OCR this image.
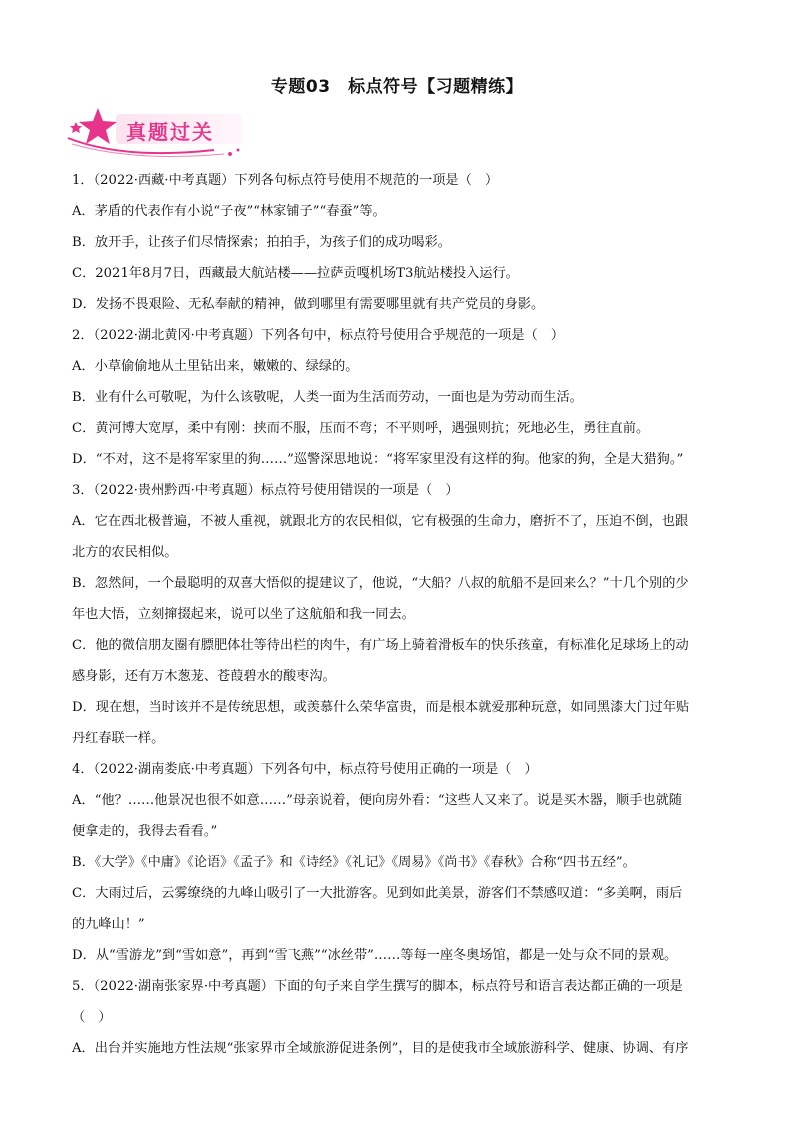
专题03　标点符号【习题精练】
真题过关
1．（2022·西藏·中考真题）下列各句标点符号使用不规范的一项是（　）
A．茅盾的代表作有小说“子夜”“林家铺子”“春蚕”等。
B．放开手，让孩子们尽情探索；拍拍手，为孩子们的成功喝彩。
C．2021年8月7日，西藏最大航站楼——拉萨贡嘎机场T3航站楼投入运行。
D．发扬不畏艰险、无私奉献的精神，做到哪里有需要哪里就有共产党员的身影。
2．（2022·湖北黄冈·中考真题）下列各句中，标点符号使用合乎规范的一项是（　）
A．小草偷偷地从土里钻出来，嫩嫩的、绿绿的。
B．业有什么可敬呢，为什么该敬呢，人类一面为生活而劳动，一面也是为劳动而生活。
C．黄河博大宽厚，柔中有刚：挟而不服，压而不弯；不平则呼，遇强则抗；死地必生，勇往直前。
D．“不对，这不是将军家里的狗……”巡警深思地说：“将军家里没有这样的狗。他家的狗，全是大猎狗。”
3．（2022·贵州黔西·中考真题）标点符号使用错误的一项是（　）
A．它在西北极普遍，不被人重视，就跟北方的农民相似，它有极强的生命力，磨折不了，压迫不倒，也跟
北方的农民相似。
B．忽然间，一个最聪明的双喜大悟似的提建议了，他说，“大船？八叔的航船不是回来么？”十几个别的少
年也大悟，立刻撺掇起来，说可以坐了这航船和我一同去。
C．他的微信朋友圈有膘肥体壮等待出栏的肉牛，有广场上骑着滑板车的快乐孩童，有标准化足球场上的动
感身影，还有万木葱茏、苍葭碧水的酸枣沟。
D．现在想，当时该并不是传统思想，或羡慕什么荣华富贵，而是根本就爱那种玩意，如同黑漆大门过年贴
丹红春联一样。
4．（2022·湖南娄底·中考真题）下列各句中，标点符号使用正确的一项是（　）
A．“他？……他景况也很不如意……”母亲说着，便向房外看：“这些人又来了。说是买木器，顺手也就随
便拿走的，我得去看看。”
B．《大学》《中庸》《论语》《孟子》和《诗经》《礼记》《周易》《尚书》《春秋》合称“四书五经”。
C．大雨过后，云雾缭绕的九峰山吸引了一大批游客。见到如此美景，游客们不禁感叹道：“多美啊，雨后
的九峰山！”
D．从“雪游龙”到“雪如意”，再到“雪飞燕”“冰丝带”……等每一座冬奥场馆，都是一处与众不同的景观。
5．（2022·湖南张家界·中考真题）下面的句子来自学生撰写的脚本，标点符号和语言表达都正确的一项是
（　）
A．出台并实施地方性法规“张家界市全域旅游促进条例”，目的是使我市全域旅游科学、健康、协调、有序
